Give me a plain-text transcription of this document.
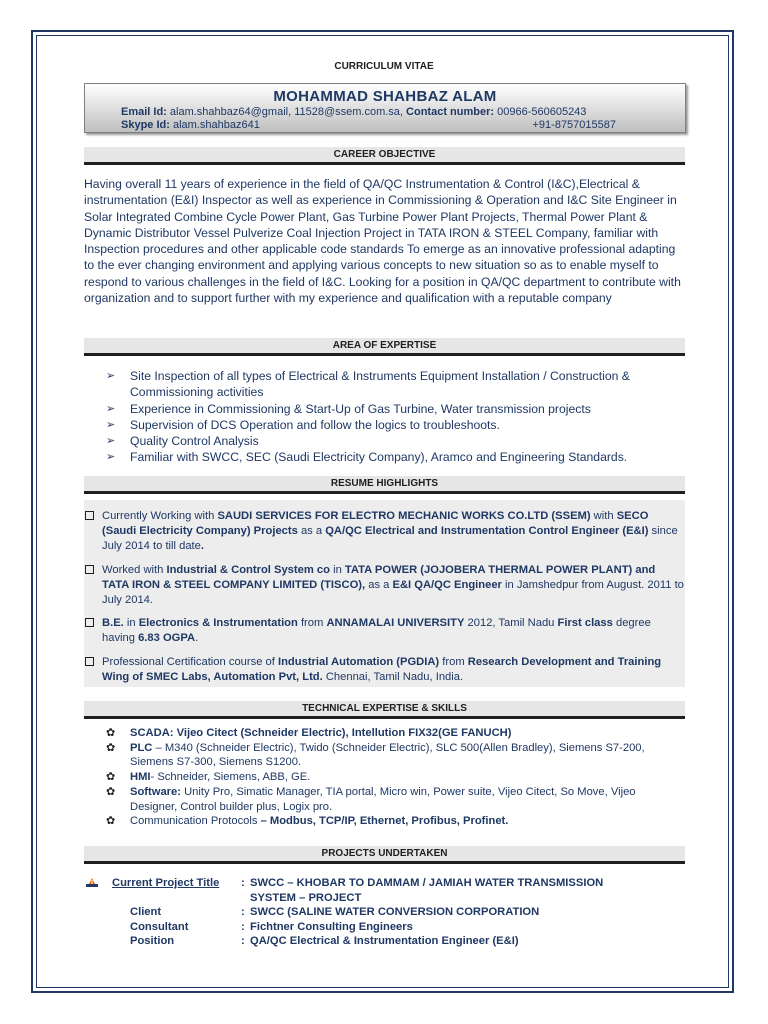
CURRICULUM VITAE
MOHAMMAD SHAHBAZ ALAM
Email Id: alam.shahbaz64@gmail, 11528@ssem.com.sa, Contact number: 00966-560605243
Skype Id: alam.shahbaz641	+91-8757015587
CAREER OBJECTIVE
Having overall 11 years of experience in the field of QA/QC Instrumentation & Control (I&C),Electrical & instrumentation (E&I) Inspector as well as experience in Commissioning & Operation and I&C Site Engineer in Solar Integrated Combine Cycle Power Plant, Gas Turbine Power Plant Projects, Thermal Power Plant & Dynamic Distributor Vessel Pulverize Coal Injection Project in TATA IRON & STEEL Company, familiar with Inspection procedures and other applicable code standards To emerge as an innovative professional adapting to the ever changing environment and applying various concepts to new situation so as to enable myself to respond to various challenges in the field of I&C. Looking for a position in QA/QC department to contribute with organization and to support further with my experience and qualification with a reputable company
AREA OF EXPERTISE
➢ Site Inspection of all types of Electrical & Instruments Equipment Installation / Construction & Commissioning activities
➢ Experience in Commissioning & Start-Up of Gas Turbine, Water transmission projects
➢ Supervision of DCS Operation and follow the logics to troubleshoots.
➢ Quality Control Analysis
➢ Familiar with SWCC, SEC (Saudi Electricity Company), Aramco and Engineering Standards.
RESUME HIGHLIGHTS
Currently Working with SAUDI SERVICES FOR ELECTRO MECHANIC WORKS CO.LTD (SSEM) with SECO (Saudi Electricity Company) Projects as a QA/QC Electrical and Instrumentation Control Engineer (E&I) since July 2014 to till date.
Worked with Industrial & Control System co in TATA POWER (JOJOBERA THERMAL POWER PLANT) and TATA IRON & STEEL COMPANY LIMITED (TISCO), as a E&I QA/QC Engineer in Jamshedpur from August. 2011 to July 2014.
B.E. in Electronics & Instrumentation from ANNAMALAI UNIVERSITY 2012, Tamil Nadu First class degree having 6.83 OGPA.
Professional Certification course of Industrial Automation (PGDIA) from Research Development and Training Wing of SMEC Labs, Automation Pvt, Ltd. Chennai, Tamil Nadu, India.
TECHNICAL EXPERTISE & SKILLS
✿ SCADA: Vijeo Citect (Schneider Electric), Intellution FIX32(GE FANUCH)
✿ PLC – M340 (Schneider Electric), Twido (Schneider Electric), SLC 500(Allen Bradley), Siemens S7-200, Siemens S7-300, Siemens S1200.
✿ HMI- Schneider, Siemens, ABB, GE.
✿ Software: Unity Pro, Simatic Manager, TIA portal, Micro win, Power suite, Vijeo Citect, So Move, Vijeo Designer, Control builder plus, Logix pro.
✿ Communication Protocols – Modbus, TCP/IP, Ethernet, Profibus, Profinet.
PROJECTS UNDERTAKEN
Current Project Title : SWCC – KHOBAR TO DAMMAM / JAMIAH WATER TRANSMISSION
SYSTEM – PROJECT
Client	: SWCC (SALINE WATER CONVERSION CORPORATION
Consultant	: Fichtner Consulting Engineers
Position	: QA/QC Electrical & Instrumentation Engineer (E&I)
